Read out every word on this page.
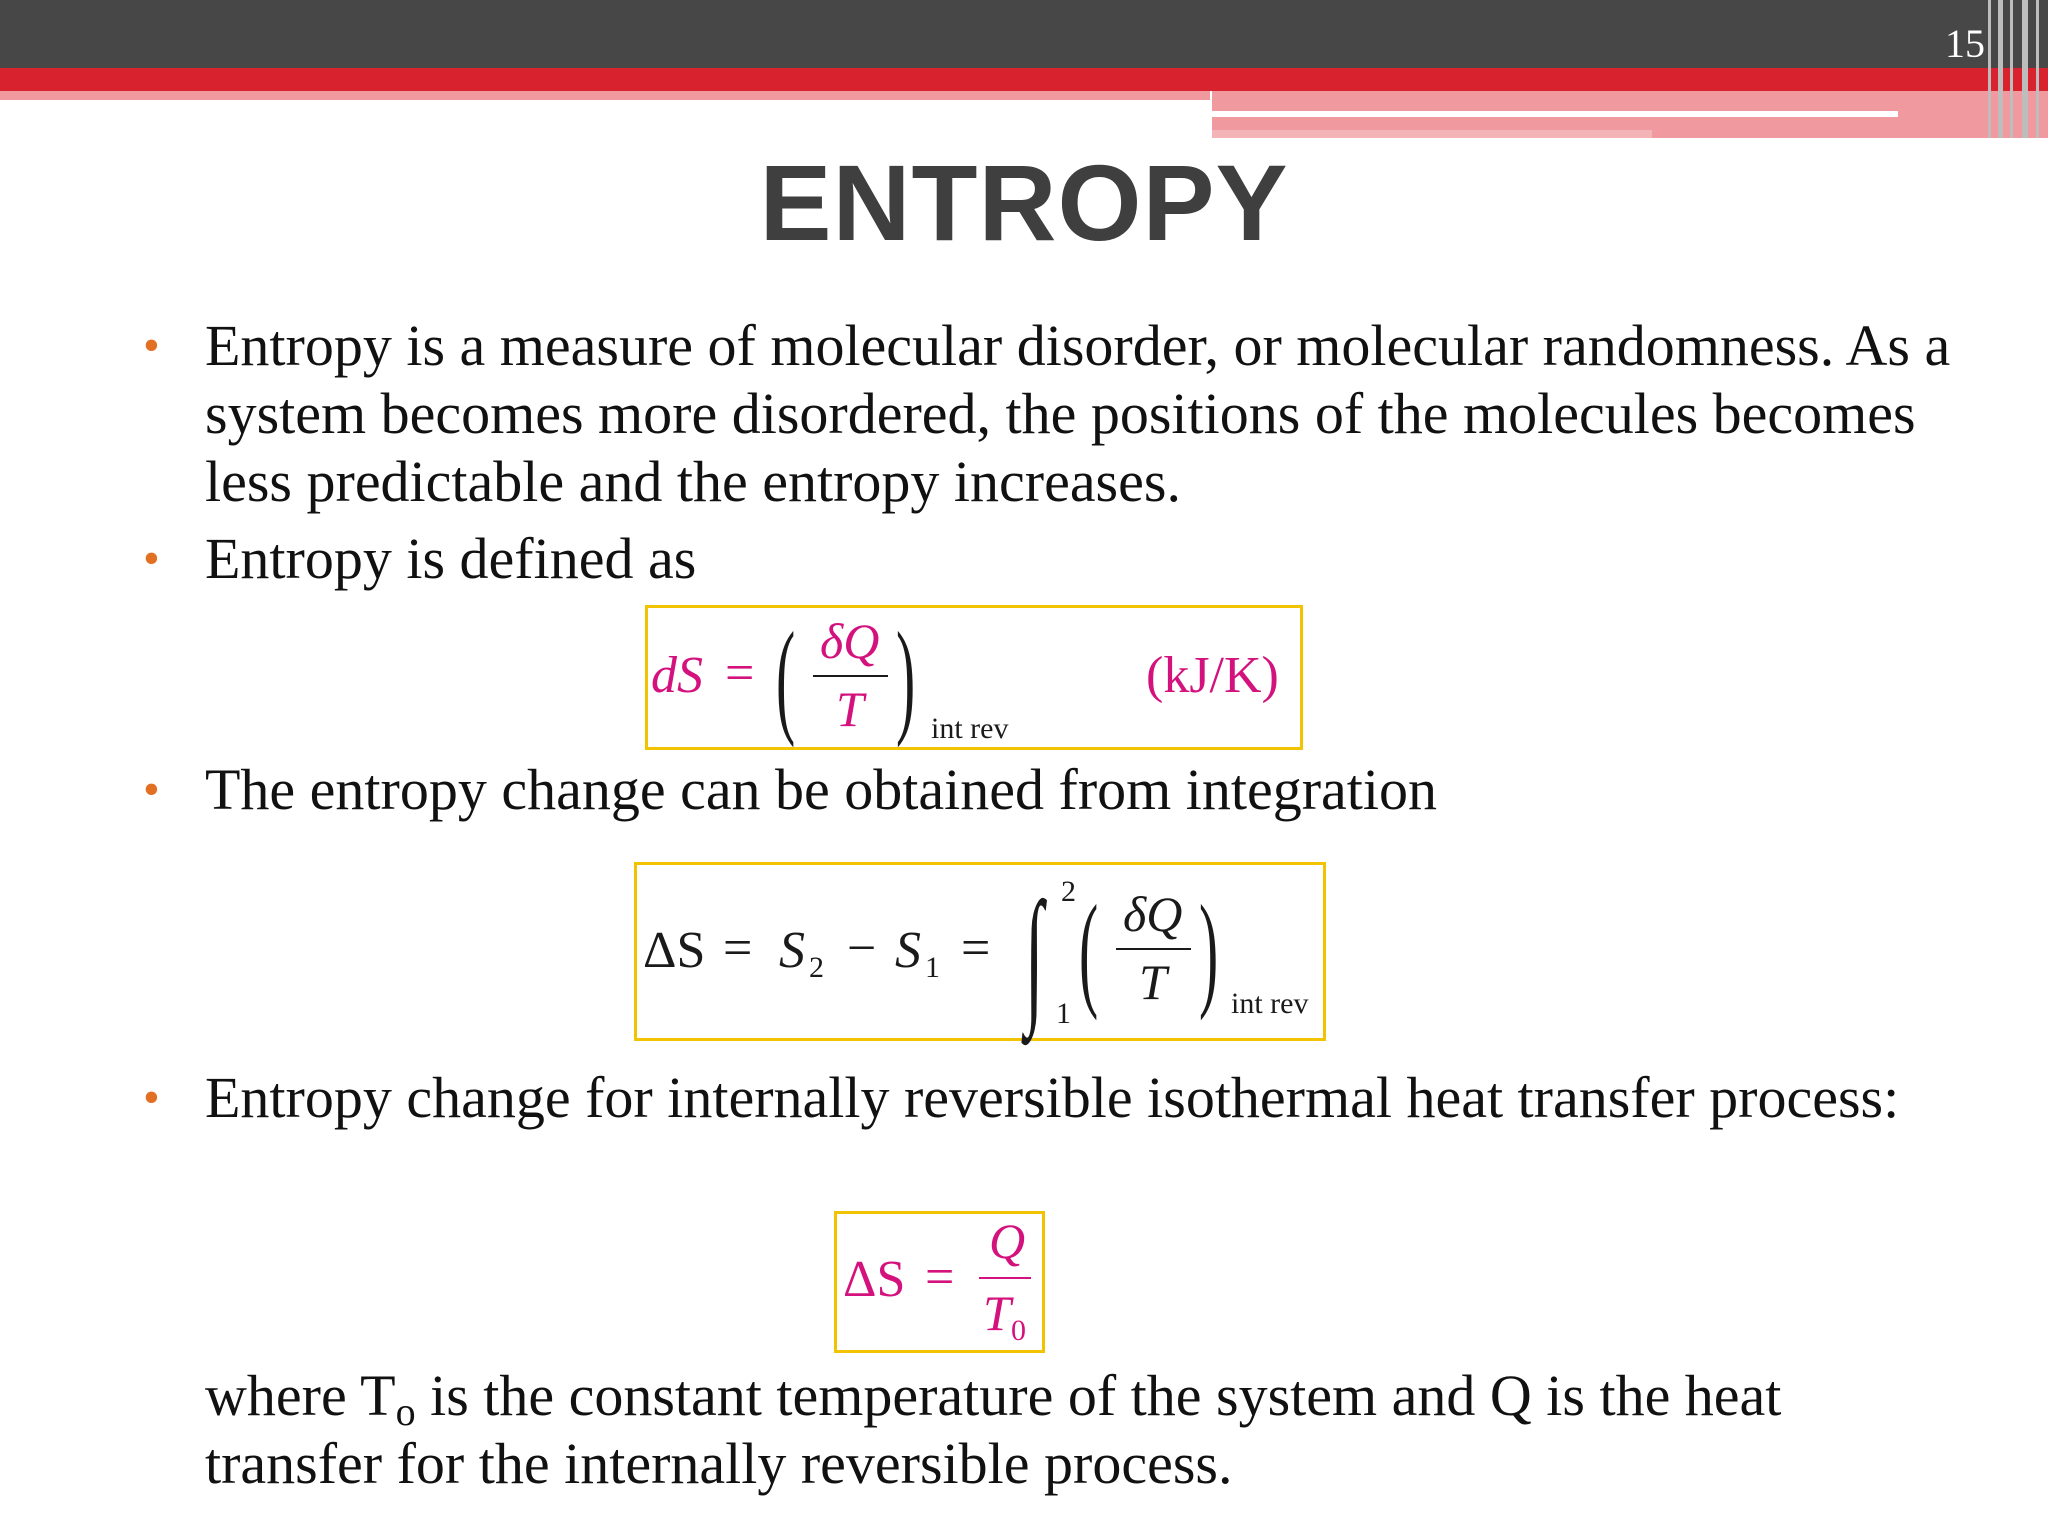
15
ENTROPY
• Entropy is a measure of molecular disorder, or molecular randomness. As a system becomes more disordered, the positions of the molecules becomes less predictable and the entropy increases.
• Entropy is defined as
dS = ( δQ
T ) int rev
(kJ/K)
• The entropy change can be obtained from integration
ΔS = S 2 − S 1 = ∫ 2
1 ( δQ
T ) int rev
• Entropy change for internally reversible isothermal heat transfer process:
ΔS =
Q
T 0
where $T_o$ is the constant temperature of the system and Q is the heat transfer for the internally reversible process.
